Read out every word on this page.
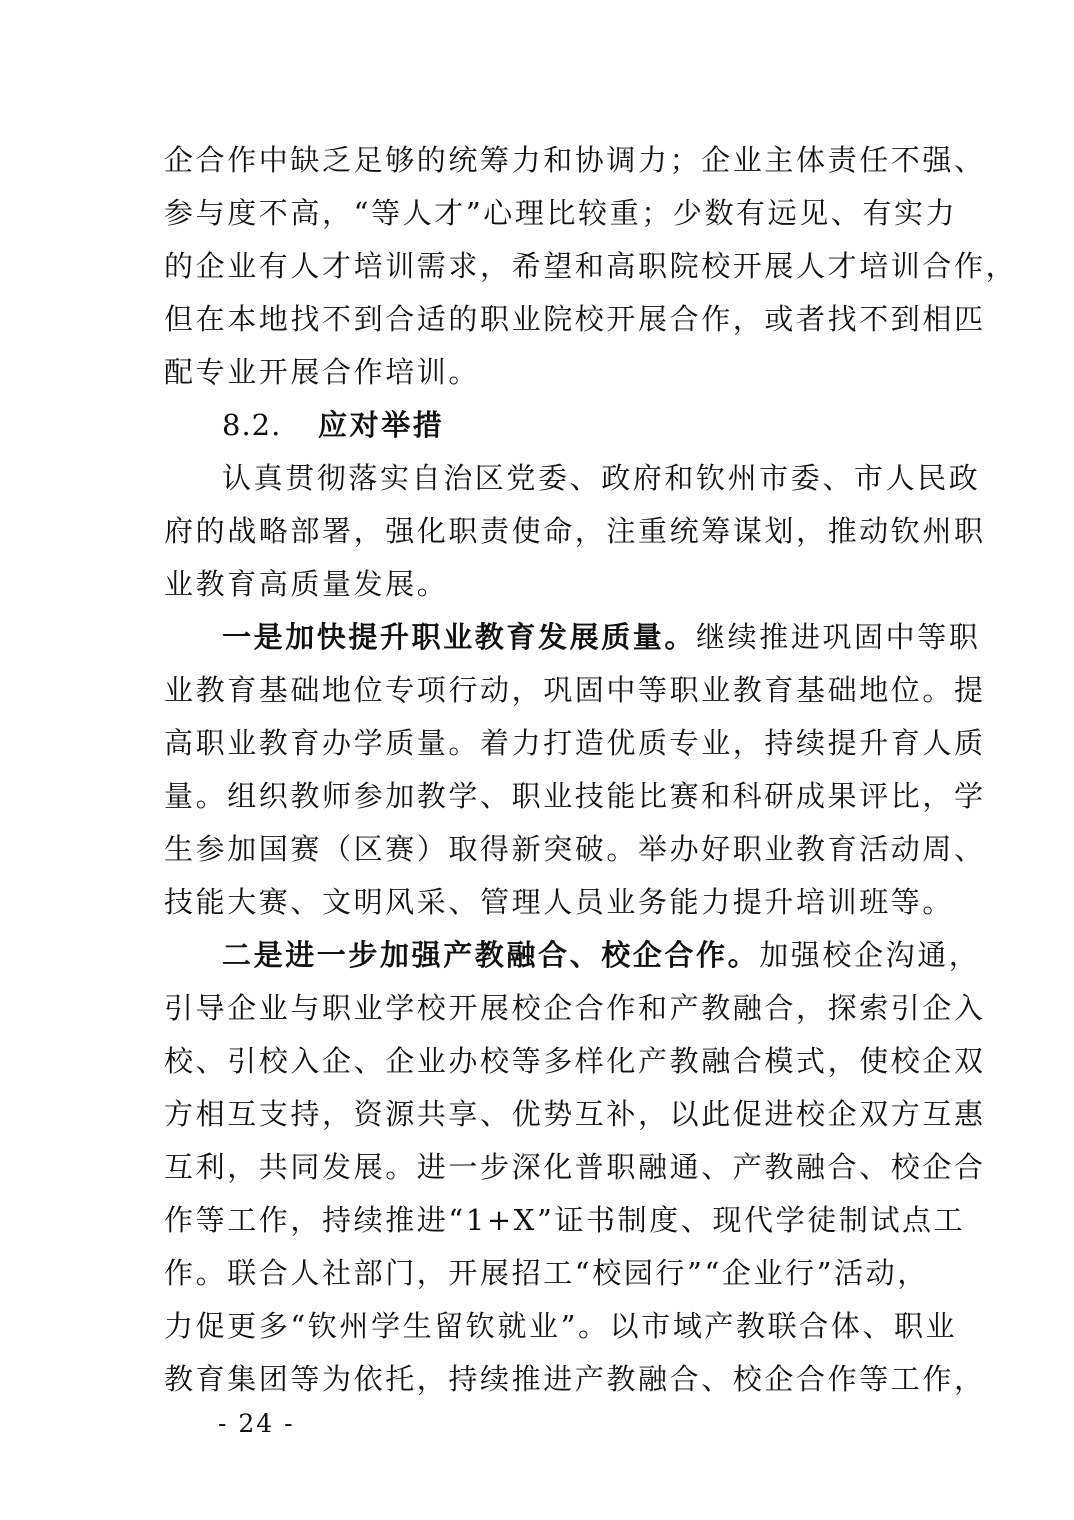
企合作中缺乏足够的统筹力和协调力；企业主体责任不强、
参与度不高，“等人才”心理比较重；少数有远见、有实力
的企业有人才培训需求，希望和高职院校开展人才培训合作，
但在本地找不到合适的职业院校开展合作，或者找不到相匹
配专业开展合作培训。
8.2. 应对举措
认真贯彻落实自治区党委、政府和钦州市委、市人民政
府的战略部署，强化职责使命，注重统筹谋划，推动钦州职
业教育高质量发展。
一是加快提升职业教育发展质量。继续推进巩固中等职
业教育基础地位专项行动，巩固中等职业教育基础地位。提
高职业教育办学质量。着力打造优质专业，持续提升育人质
量。组织教师参加教学、职业技能比赛和科研成果评比，学
生参加国赛（区赛）取得新突破。举办好职业教育活动周、
技能大赛、文明风采、管理人员业务能力提升培训班等。
二是进一步加强产教融合、校企合作。加强校企沟通，
引导企业与职业学校开展校企合作和产教融合，探索引企入
校、引校入企、企业办校等多样化产教融合模式，使校企双
方相互支持，资源共享、优势互补，以此促进校企双方互惠
互利，共同发展。进一步深化普职融通、产教融合、校企合
作等工作，持续推进“1+X”证书制度、现代学徒制试点工
作。联合人社部门，开展招工“校园行”“企业行”活动，
力促更多“钦州学生留钦就业”。以市域产教联合体、职业
教育集团等为依托，持续推进产教融合、校企合作等工作，
- 24 -
